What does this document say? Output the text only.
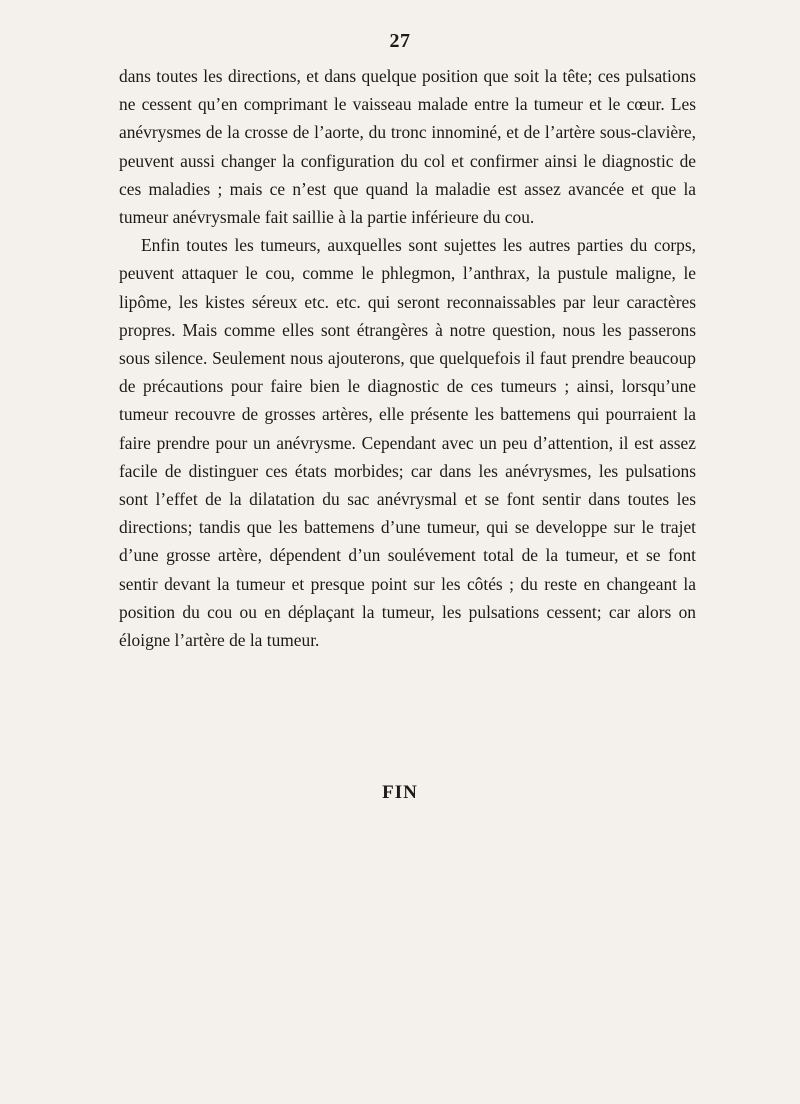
27

dans toutes les directions, et dans quelque position que soit la tête; ces pulsations ne cessent qu’en comprimant le vaisseau malade entre la tumeur et le cœur. Les anévrysmes de la crosse de l’aorte, du tronc innominé, et de l’artère sous-clavière, peuvent aussi changer la configuration du col et confirmer ainsi le diagnostic de ces maladies ; mais ce n’est que quand la maladie est assez avancée et que la tumeur anévrysmale fait saillie à la partie inférieure du cou.

Enfin toutes les tumeurs, auxquelles sont sujettes les autres parties du corps, peuvent attaquer le cou, comme le phlegmon, l’anthrax, la pustule maligne, le lipôme, les kistes séreux etc. etc. qui seront reconnaissables par leur caractères propres. Mais comme elles sont étrangères à notre question, nous les passerons sous silence. Seulement nous ajouterons, que quelquefois il faut prendre beaucoup de précautions pour faire bien le diagnostic de ces tumeurs ; ainsi, lorsqu’une tumeur recouvre de grosses artères, elle présente les battemens qui pourraient la faire prendre pour un anévrysme. Cependant avec un peu d’attention, il est assez facile de distinguer ces états morbides; car dans les anévrysmes, les pulsations sont l’effet de la dilatation du sac anévrysmal et se font sentir dans toutes les directions; tandis que les battemens d’une tumeur, qui se developpe sur le trajet d’une grosse artère, dépendent d’un soulévement total de la tumeur, et se font sentir devant la tumeur et presque point sur les côtés ; du reste en changeant la position du cou ou en déplaçant la tumeur, les pulsations cessent; car alors on éloigne l’artère de la tumeur.

FIN
